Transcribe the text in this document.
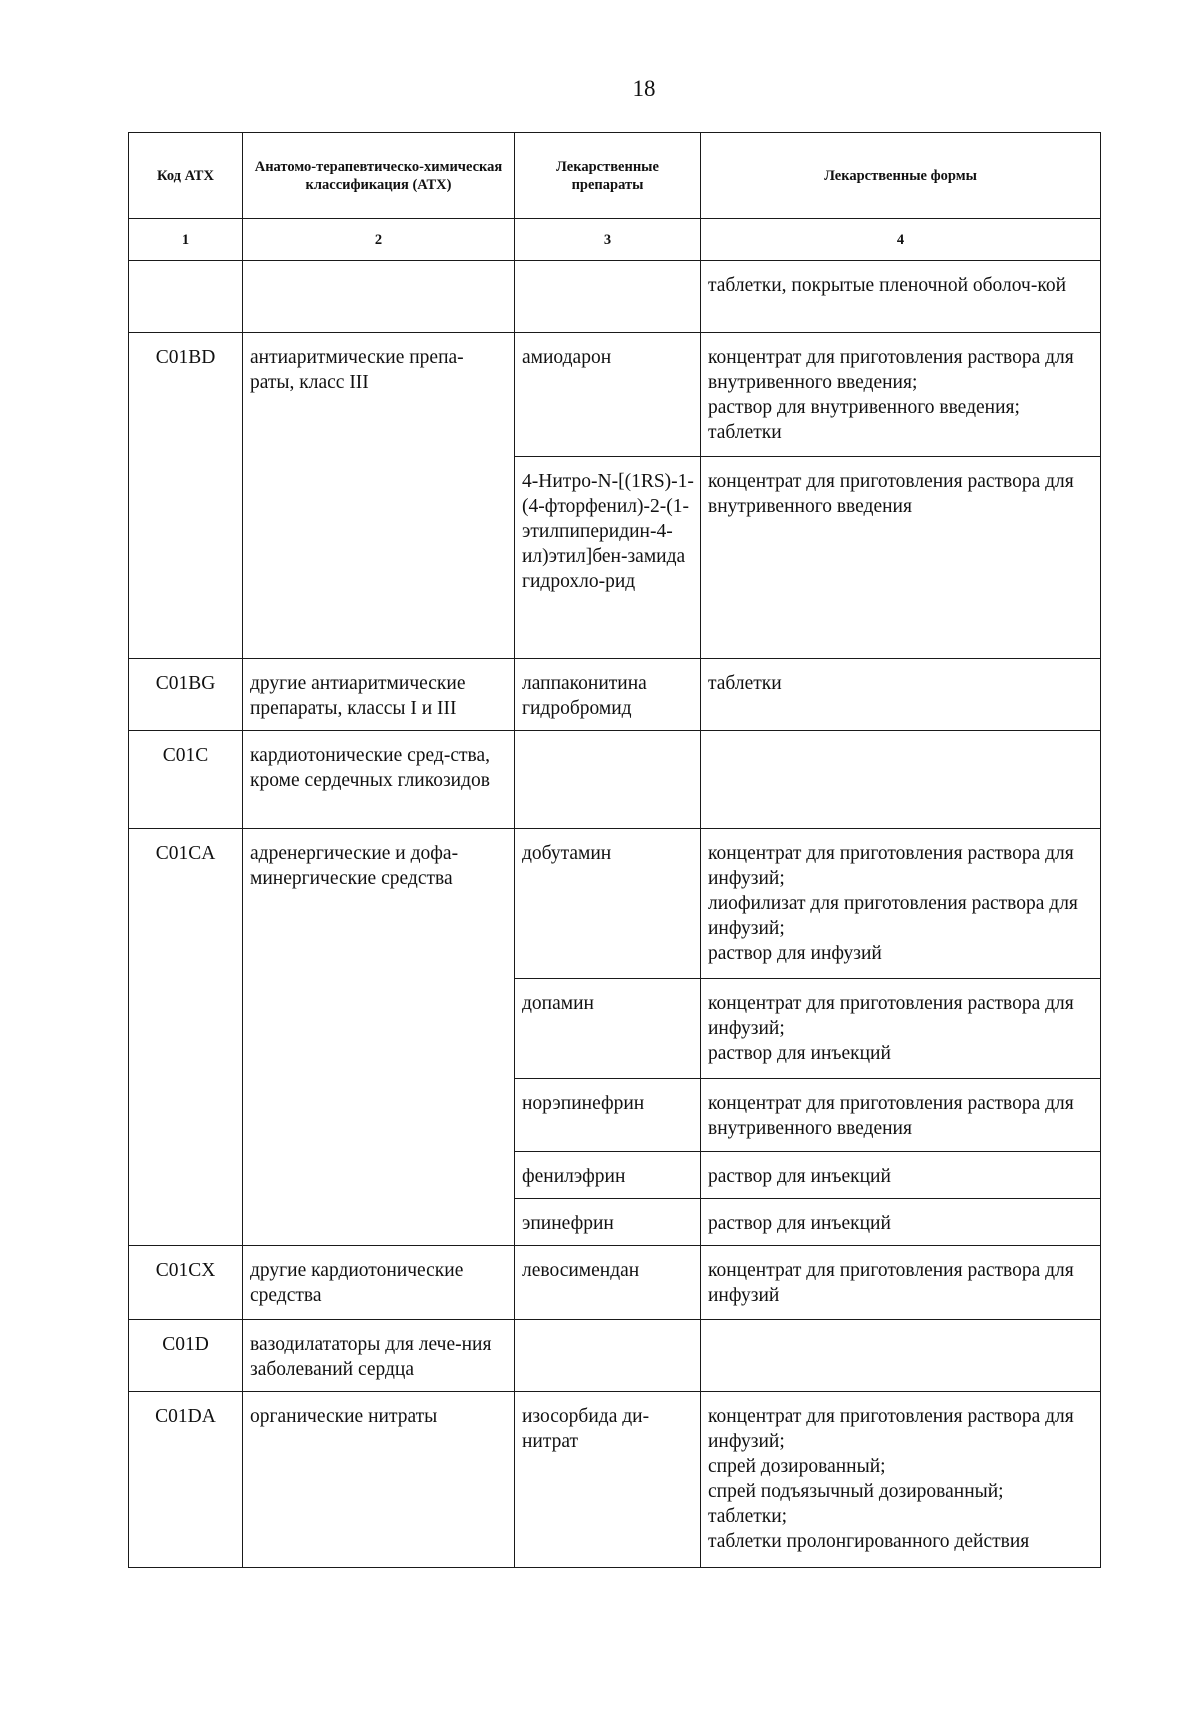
18
Код АТХ	Анатомо-терапевтическо-химическая классификация (АТХ)	Лекарственные препараты	Лекарственные формы
1	2	3	4

			таблетки, покрытые пленочной оболоч-кой

C01BD	антиаритмические препа-раты, класс III	амиодарон	концентрат для приготовления раствора для внутривенного введения;
раствор для внутривенного введения;
таблетки

		4-Нитро-N-[(1RS)-1-(4-фторфенил)-2-(1-этилпиперидин-4-ил)этил]бен-замида гидрохло-рид	концентрат для приготовления раствора для внутривенного введения

C01BG	другие антиаритмические препараты, классы I и III	лаппаконитина гидробромид	таблетки

C01C	кардиотонические сред-ства, кроме сердечных гликозидов		
C01CA	адренергические и дофа-минергические средства	добутамин	концентрат для приготовления раствора для инфузий;
лиофилизат для приготовления раствора для инфузий;
раствор для инфузий

		допамин	концентрат для приготовления раствора для инфузий;
раствор для инъекций

		норэпинефрин	концентрат для приготовления раствора для внутривенного введения

		фенилэфрин	раствор для инъекций

		эпинефрин	раствор для инъекций

C01CX	другие кардиотонические средства	левосимендан	концентрат для приготовления раствора для инфузий

C01D	вазодилататоры для лече-ния заболеваний сердца		
C01DA	органические нитраты	изосорбида ди-нитрат	концентрат для приготовления раствора для инфузий;
спрей дозированный;
спрей подъязычный дозированный;
таблетки;
таблетки пролонгированного действия
